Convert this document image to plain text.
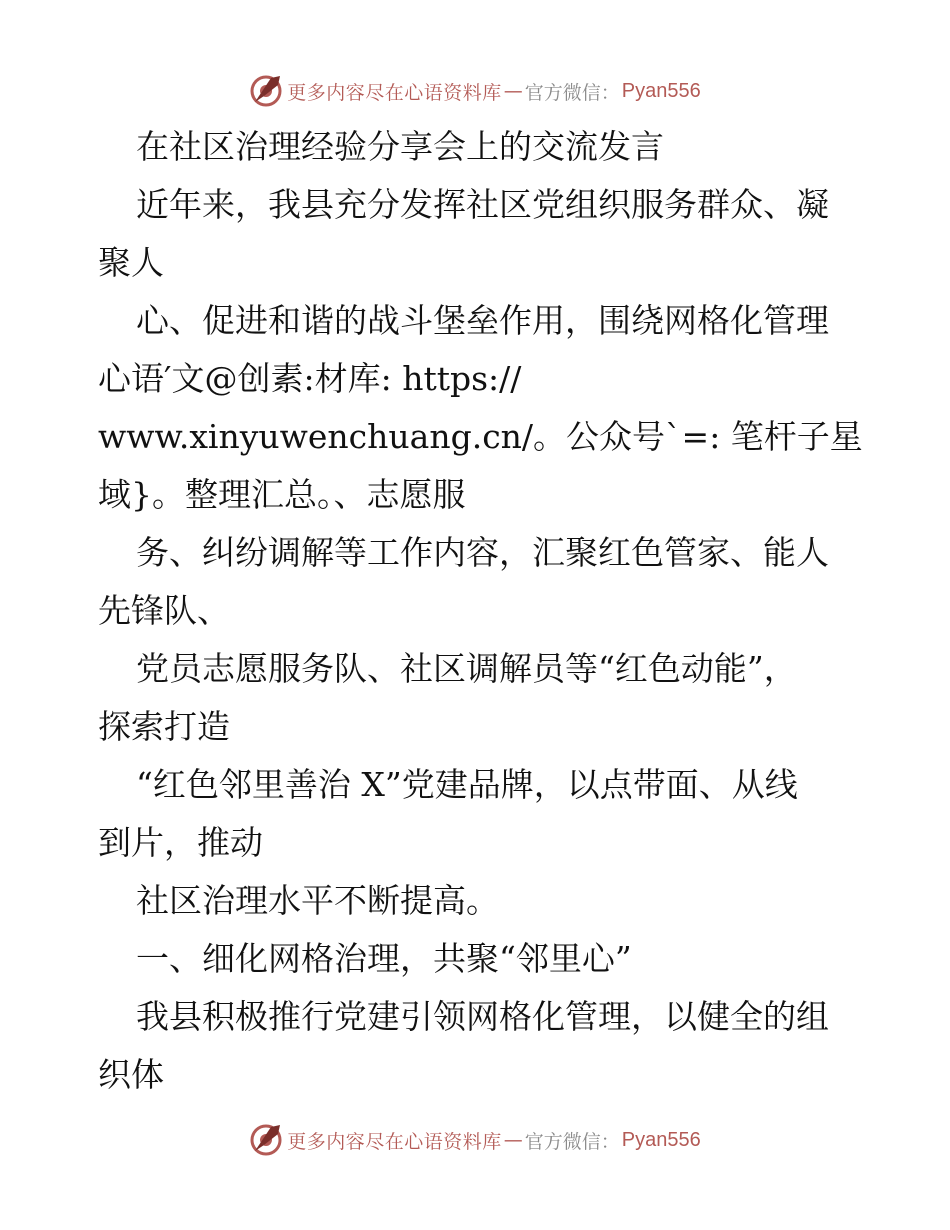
更多内容尽在心语资料库 — 官方微信： Pyan556
在社区治理经验分享会上的交流发言
近年来，我县充分发挥社区党组织服务群众、凝
聚人
心、促进和谐的战斗堡垒作用，围绕网格化管理
心语′文@创素:材库: https://
www.xinyuwenchuang.cn/。公众号`=: 笔杆子星
域}。整理汇总。、志愿服
务、纠纷调解等工作内容，汇聚红色管家、能人
先锋队、
党员志愿服务队、社区调解员等“红色动能”，
探索打造
“红色邻里善治 X”党建品牌，以点带面、从线
到片，推动
社区治理水平不断提高。
一、细化网格治理，共聚“邻里心”
我县积极推行党建引领网格化管理，以健全的组
织体
更多内容尽在心语资料库 — 官方微信： Pyan556
